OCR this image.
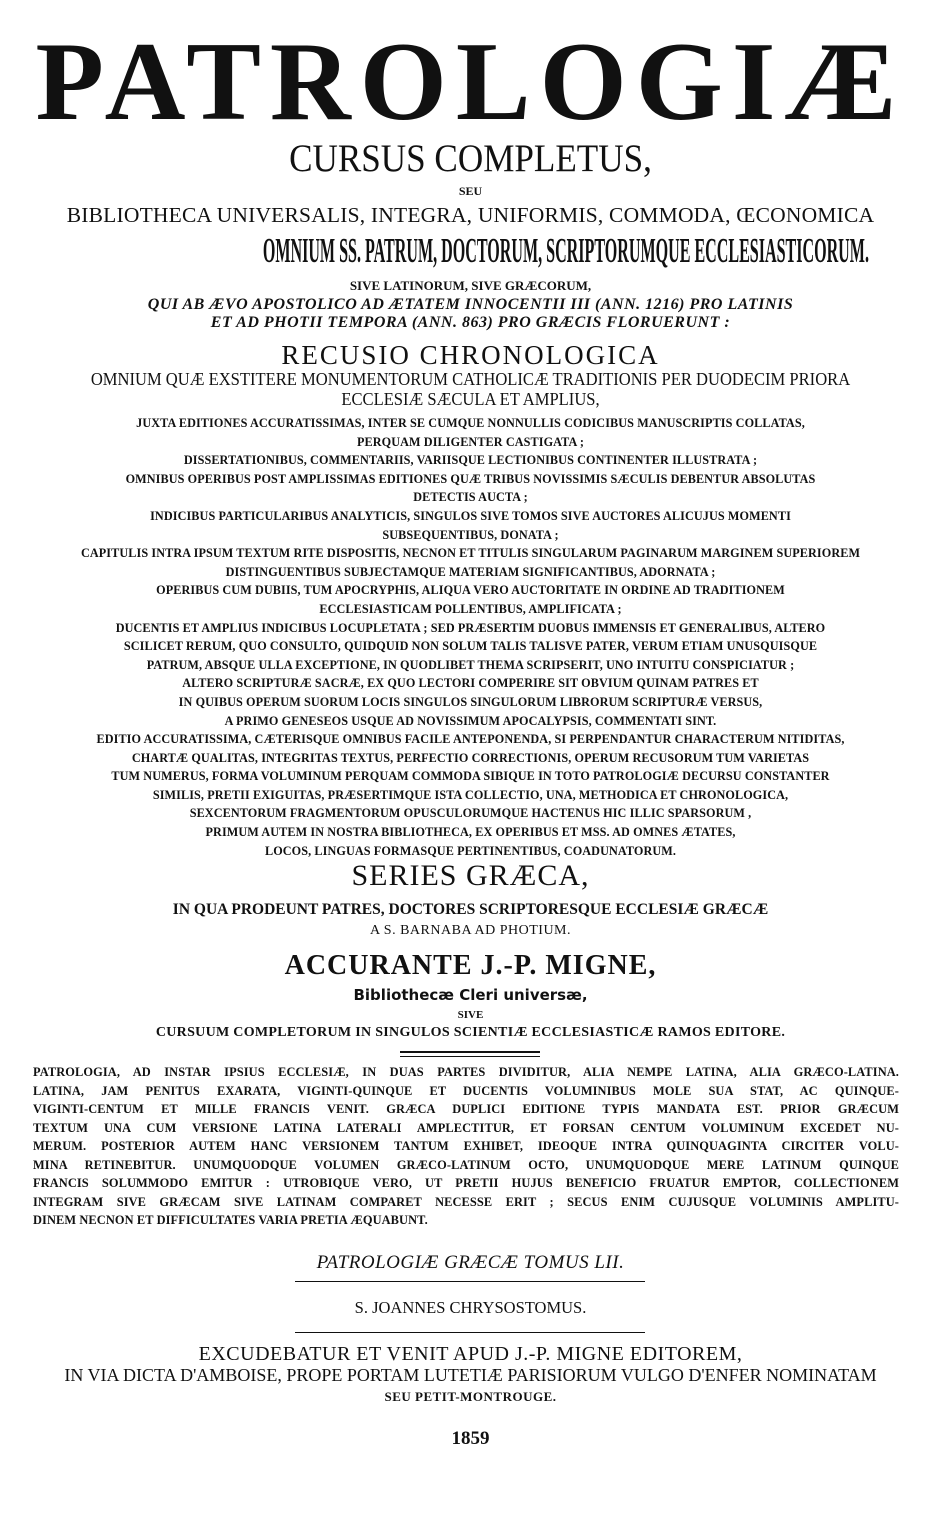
PATROLOGIÆ
CURSUS COMPLETUS,
SEU
BIBLIOTHECA UNIVERSALIS, INTEGRA, UNIFORMIS, COMMODA, ŒCONOMICA
OMNIUM SS. PATRUM, DOCTORUM, SCRIPTORUMQUE ECCLESIASTICORUM.
SIVE LATINORUM, SIVE GRÆCORUM,
QUI AB ÆVO APOSTOLICO AD ÆTATEM INNOCENTII III (ANN. 1216) PRO LATINIS
ET AD PHOTII TEMPORA (ANN. 863) PRO GRÆCIS FLORUERUNT :
RECUSIO CHRONOLOGICA
OMNIUM QUÆ EXSTITERE MONUMENTORUM CATHOLICÆ TRADITIONIS PER DUODECIM PRIORA
ECCLESIÆ SÆCULA ET AMPLIUS,
JUXTA EDITIONES ACCURATISSIMAS, INTER SE CUMQUE NONNULLIS CODICIBUS MANUSCRIPTIS COLLATAS,
PERQUAM DILIGENTER CASTIGATA ;
DISSERTATIONIBUS, COMMENTARIIS, VARIISQUE LECTIONIBUS CONTINENTER ILLUSTRATA ;
OMNIBUS OPERIBUS POST AMPLISSIMAS EDITIONES QUÆ TRIBUS NOVISSIMIS SÆCULIS DEBENTUR ABSOLUTAS
DETECTIS AUCTA ;
INDICIBUS PARTICULARIBUS ANALYTICIS, SINGULOS SIVE TOMOS SIVE AUCTORES ALICUJUS MOMENTI
SUBSEQUENTIBUS, DONATA ;
CAPITULIS INTRA IPSUM TEXTUM RITE DISPOSITIS, NECNON ET TITULIS SINGULARUM PAGINARUM MARGINEM SUPERIOREM
DISTINGUENTIBUS SUBJECTAMQUE MATERIAM SIGNIFICANTIBUS, ADORNATA ;
OPERIBUS CUM DUBIIS, TUM APOCRYPHIS, ALIQUA VERO AUCTORITATE IN ORDINE AD TRADITIONEM
ECCLESIASTICAM POLLENTIBUS, AMPLIFICATA ;
DUCENTIS ET AMPLIUS INDICIBUS LOCUPLETATA ; SED PRÆSERTIM DUOBUS IMMENSIS ET GENERALIBUS, ALTERO
SCILICET RERUM, QUO CONSULTO, QUIDQUID NON SOLUM TALIS TALISVE PATER, VERUM ETIAM UNUSQUISQUE
PATRUM, ABSQUE ULLA EXCEPTIONE, IN QUODLIBET THEMA SCRIPSERIT, UNO INTUITU CONSPICIATUR ;
ALTERO SCRIPTURÆ SACRÆ, EX QUO LECTORI COMPERIRE SIT OBVIUM QUINAM PATRES ET
IN QUIBUS OPERUM SUORUM LOCIS SINGULOS SINGULORUM LIBRORUM SCRIPTURÆ VERSUS,
A PRIMO GENESEOS USQUE AD NOVISSIMUM APOCALYPSIS, COMMENTATI SINT.
EDITIO ACCURATISSIMA, CÆTERISQUE OMNIBUS FACILE ANTEPONENDA, SI PERPENDANTUR CHARACTERUM NITIDITAS,
CHARTÆ QUALITAS, INTEGRITAS TEXTUS, PERFECTIO CORRECTIONIS, OPERUM RECUSORUM TUM VARIETAS
TUM NUMERUS, FORMA VOLUMINUM PERQUAM COMMODA SIBIQUE IN TOTO PATROLOGIÆ DECURSU CONSTANTER
SIMILIS, PRETII EXIGUITAS, PRÆSERTIMQUE ISTA COLLECTIO, UNA, METHODICA ET CHRONOLOGICA,
SEXCENTORUM FRAGMENTORUM OPUSCULORUMQUE HACTENUS HIC ILLIC SPARSORUM ,
PRIMUM AUTEM IN NOSTRA BIBLIOTHECA, EX OPERIBUS ET MSS. AD OMNES ÆTATES,
LOCOS, LINGUAS FORMASQUE PERTINENTIBUS, COADUNATORUM.
SERIES GRÆCA,
IN QUA PRODEUNT PATRES, DOCTORES SCRIPTORESQUE ECCLESIÆ GRÆCÆ
A S. BARNABA AD PHOTIUM.
ACCURANTE J.-P. MIGNE,
Bibliothecæ Cleri universæ,
SIVE
CURSUUM COMPLETORUM IN SINGULOS SCIENTIÆ ECCLESIASTICÆ RAMOS EDITORE.
PATROLOGIA, AD INSTAR IPSIUS ECCLESIÆ, IN DUAS PARTES DIVIDITUR, ALIA NEMPE LATINA, ALIA GRÆCO-LATINA.
LATINA, JAM PENITUS EXARATA, VIGINTI-QUINQUE ET DUCENTIS VOLUMINIBUS MOLE SUA STAT, AC QUINQUE-
VIGINTI-CENTUM ET MILLE FRANCIS VENIT. GRÆCA DUPLICI EDITIONE TYPIS MANDATA EST. PRIOR GRÆCUM
TEXTUM UNA CUM VERSIONE LATINA LATERALI AMPLECTITUR, ET FORSAN CENTUM VOLUMINUM EXCEDET NU-
MERUM. POSTERIOR AUTEM HANC VERSIONEM TANTUM EXHIBET, IDEOQUE INTRA QUINQUAGINTA CIRCITER VOLU-
MINA RETINEBITUR. UNUMQUODQUE VOLUMEN GRÆCO-LATINUM OCTO, UNUMQUODQUE MERE LATINUM QUINQUE
FRANCIS SOLUMMODO EMITUR : UTROBIQUE VERO, UT PRETII HUJUS BENEFICIO FRUATUR EMPTOR, COLLECTIONEM
INTEGRAM SIVE GRÆCAM SIVE LATINAM COMPARET NECESSE ERIT ; SECUS ENIM CUJUSQUE VOLUMINIS AMPLITU-
DINEM NECNON ET DIFFICULTATES VARIA PRETIA ÆQUABUNT.
PATROLOGIÆ GRÆCÆ TOMUS LII.
S. JOANNES CHRYSOSTOMUS.
EXCUDEBATUR ET VENIT APUD J.-P. MIGNE EDITOREM,
IN VIA DICTA D'AMBOISE, PROPE PORTAM LUTETIÆ PARISIORUM VULGO D'ENFER NOMINATAM
SEU PETIT-MONTROUGE.
1859
